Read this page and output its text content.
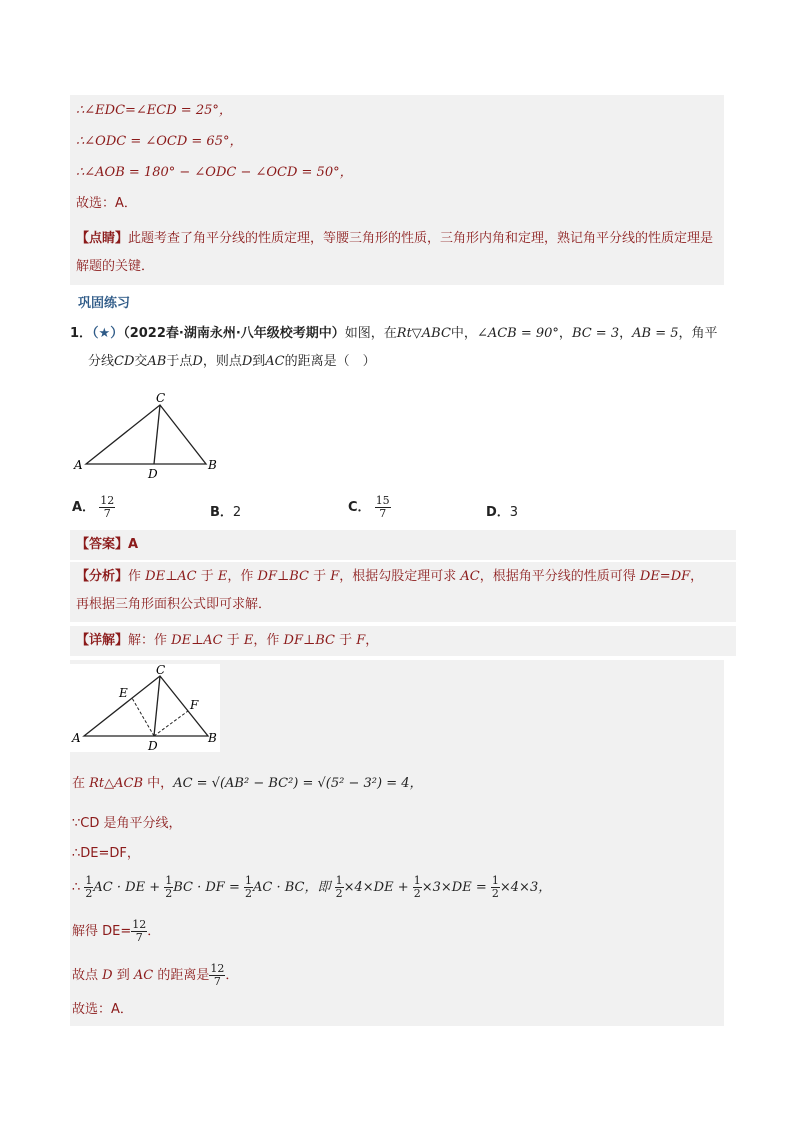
∴∠EDC=∠ECD = 25°，
∴∠ODC = ∠OCD = 65°，
∴∠AOB = 180° − ∠ODC − ∠OCD = 50°，
故选：A．
【点睛】此题考查了角平分线的性质定理，等腰三角形的性质，三角形内角和定理，熟记角平分线的性质定理是解题的关键．
巩固练习
1．（★）（2022春·湖南永州·八年级校考期中）如图，在Rt▽ABC中，∠ACB = 90°，BC = 3，AB = 5，角平
分线CD交AB于点D，则点D到AC的距离是（　）
A	B
C
D
A． $\frac{12}{7}$	B．2	C． $\frac{15}{7}$	D．3
【答案】A
【分析】作 DE⊥AC 于 E，作 DF⊥BC 于 F，根据勾股定理可求 AC，根据角平分线的性质可得 DE=DF，
再根据三角形面积公式即可求解．
【详解】解：作 DE⊥AC 于 E，作 DF⊥BC 于 F，
A	B
C
D
E
F
在 Rt△ACB 中，AC = √(AB² − BC²) = √(5² − 3²) = 4，
∵CD 是角平分线，
∴DE=DF，
∴ $\frac{1}{2}$ AC · DE + $\frac{1}{2}$ BC · DF = $\frac{1}{2}$ AC · BC，即 $\frac{1}{2} \times 4\times DE + \frac{1}{2} \times 3\times DE = \frac{1}{2} \times 4\times 3$，
解得 $DE= \frac{12}{7}$ ．
故点 D 到 AC 的距离是 $\frac{12}{7}$ ．
故选：A．
